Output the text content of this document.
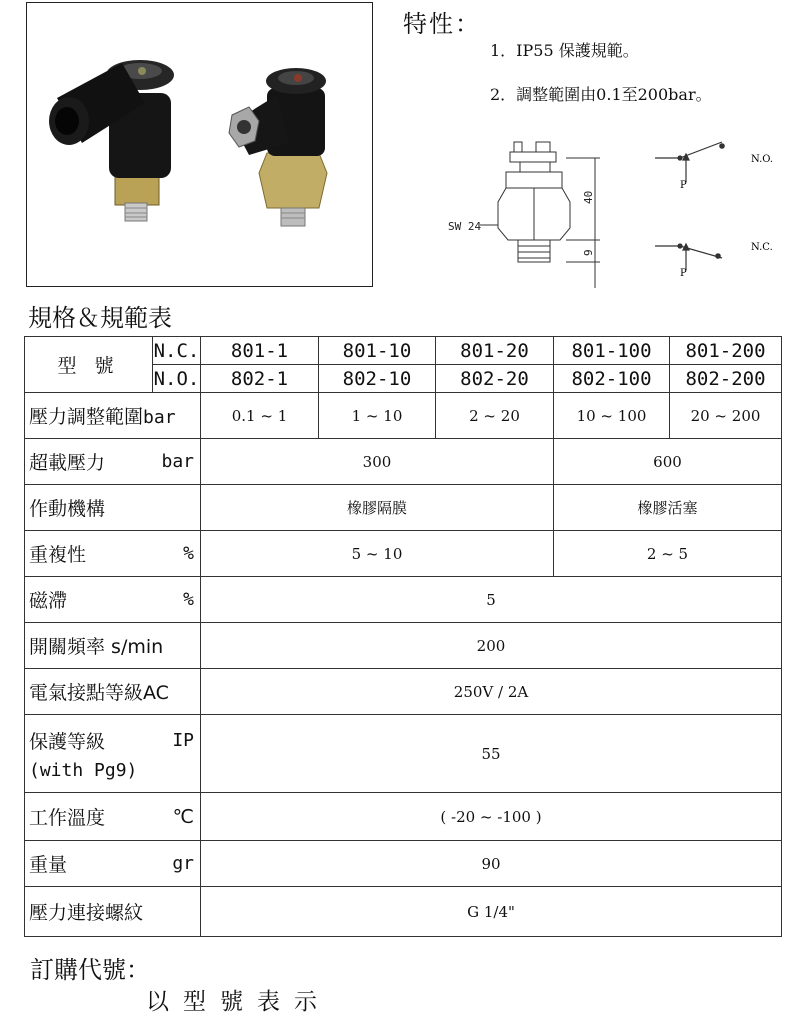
特性：
1．IP55 保護規範。
2．調整範圍由0.1至200bar。
SW 24
40
9
P
N.O.
P
N.C.
規格＆規範表
型 號	N.C.	801-1	801-10	801-20	801-100	801-200
	N.O.	802-1	802-10	802-20	802-100	802-200
壓力調整範圍bar		0.1 ~ 1	1 ~ 10	2 ~ 20	10 ~ 100	20 ~ 200

超載壓力 bar		300			600	
作動機構		橡膠隔膜			橡膠活塞	

重複性 %		5 ~ 10			2 ~ 5	

磁滯 %		5				
開關頻率 s/min		200				
電氣接點等級AC		250V / 2A				

保護等級 IP
(with Pg9)		55				

工作溫度 ℃		( -20 ~ -100 )				

重量 gr		90				
壓力連接螺紋		G 1/4"				
訂購代號：
以型號表示
